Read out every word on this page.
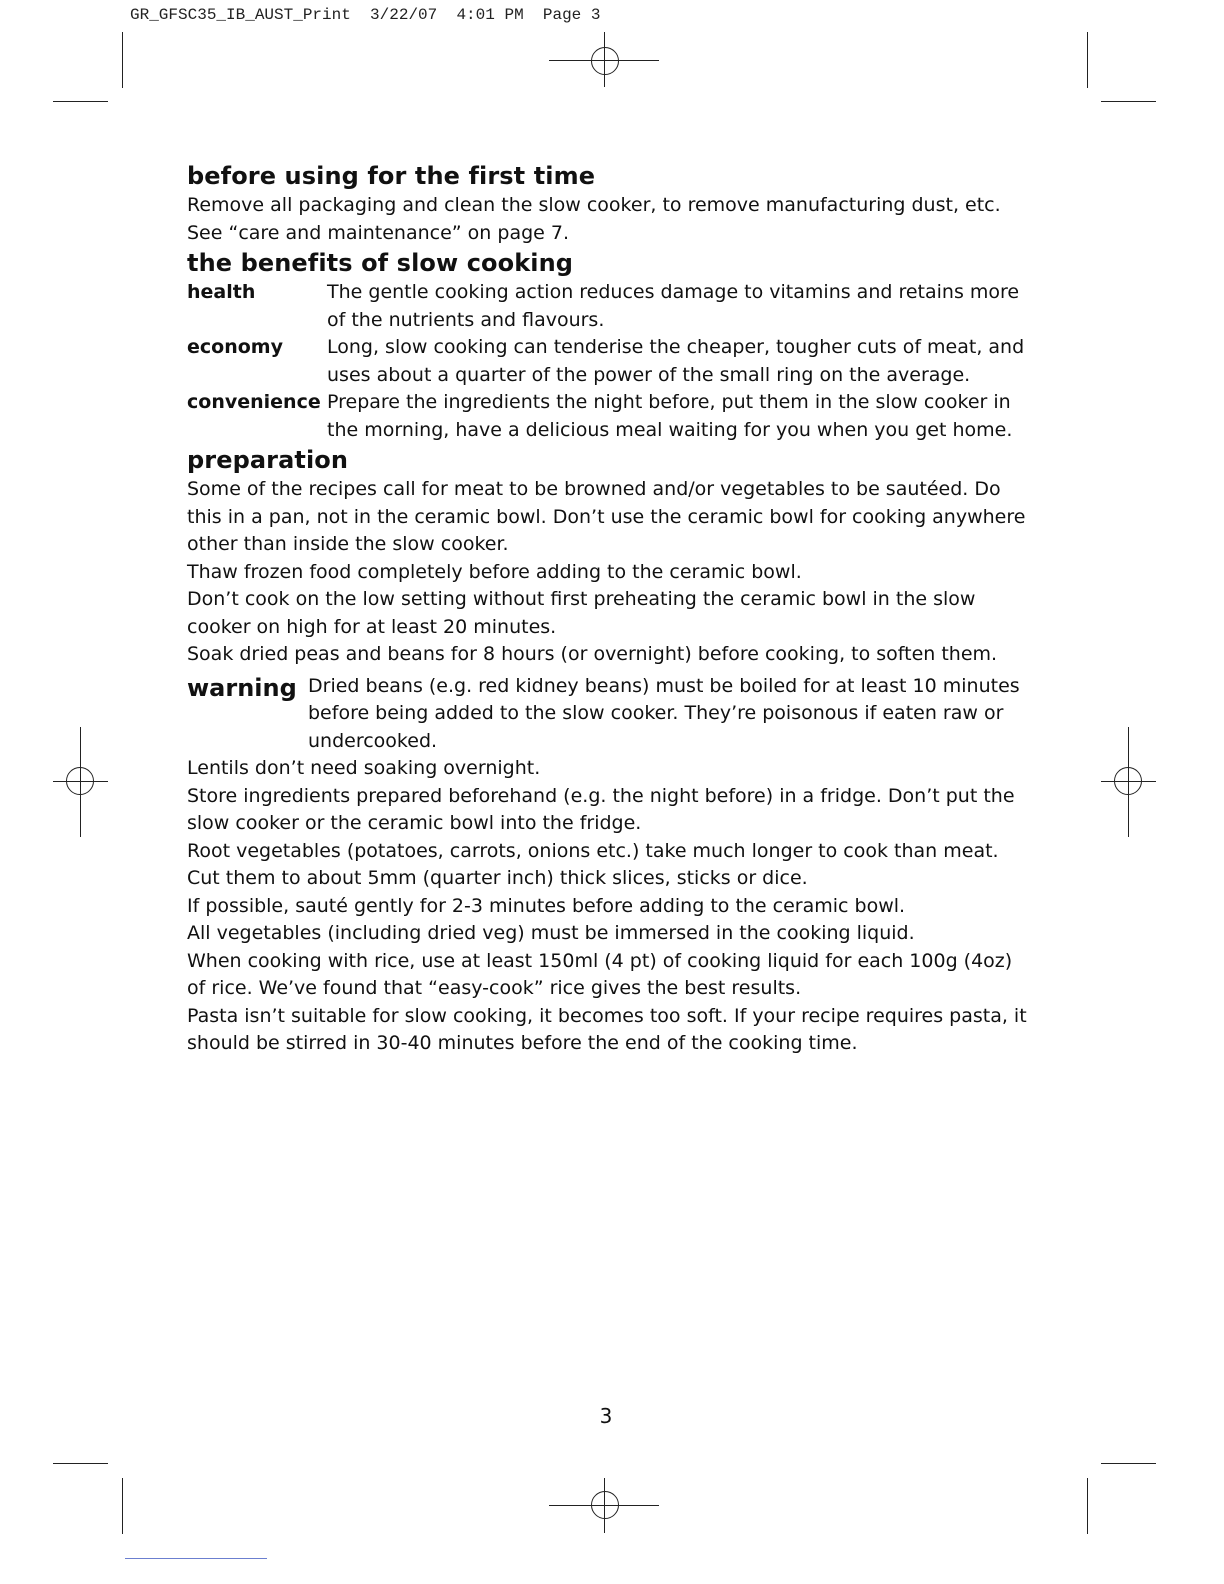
GR_GFSC35_IB_AUST_Print  3/22/07  4:01 PM  Page 3
before using for the first time

Remove all packaging and clean the slow cooker, to remove manufacturing dust, etc.

See “care and maintenance” on page 7.

the benefits of slow cooking
health	The gentle cooking action reduces damage to vitamins and retains more of the nutrients and flavours.
economy	Long, slow cooking can tenderise the cheaper, tougher cuts of meat, and uses about a quarter of the power of the small ring on the average.
convenience Prepare the ingredients the night before, put them in the slow cooker in the morning, have a delicious meal waiting for you when you get home.
preparation

Some of the recipes call for meat to be browned and/or vegetables to be sautéed. Do this in a pan, not in the ceramic bowl. Don’t use the ceramic bowl for cooking anywhere other than inside the slow cooker.

Thaw frozen food completely before adding to the ceramic bowl.

Don’t cook on the low setting without first preheating the ceramic bowl in the slow cooker on high for at least 20 minutes.

Soak dried peas and beans for 8 hours (or overnight) before cooking, to soften them.

warning Dried beans (e.g. red kidney beans) must be boiled for at least 10 minutes before being added to the slow cooker. They’re poisonous if eaten raw or undercooked.

Lentils don’t need soaking overnight.

Store ingredients prepared beforehand (e.g. the night before) in a fridge. Don’t put the slow cooker or the ceramic bowl into the fridge.

Root vegetables (potatoes, carrots, onions etc.) take much longer to cook than meat. Cut them to about 5mm (quarter inch) thick slices, sticks or dice.

If possible, sauté gently for 2-3 minutes before adding to the ceramic bowl.

All vegetables (including dried veg) must be immersed in the cooking liquid.

When cooking with rice, use at least 150ml (4 pt) of cooking liquid for each 100g (4oz) of rice. We’ve found that “easy-cook” rice gives the best results.

Pasta isn’t suitable for slow cooking, it becomes too soft. If your recipe requires pasta, it should be stirred in 30-40 minutes before the end of the cooking time.

3
